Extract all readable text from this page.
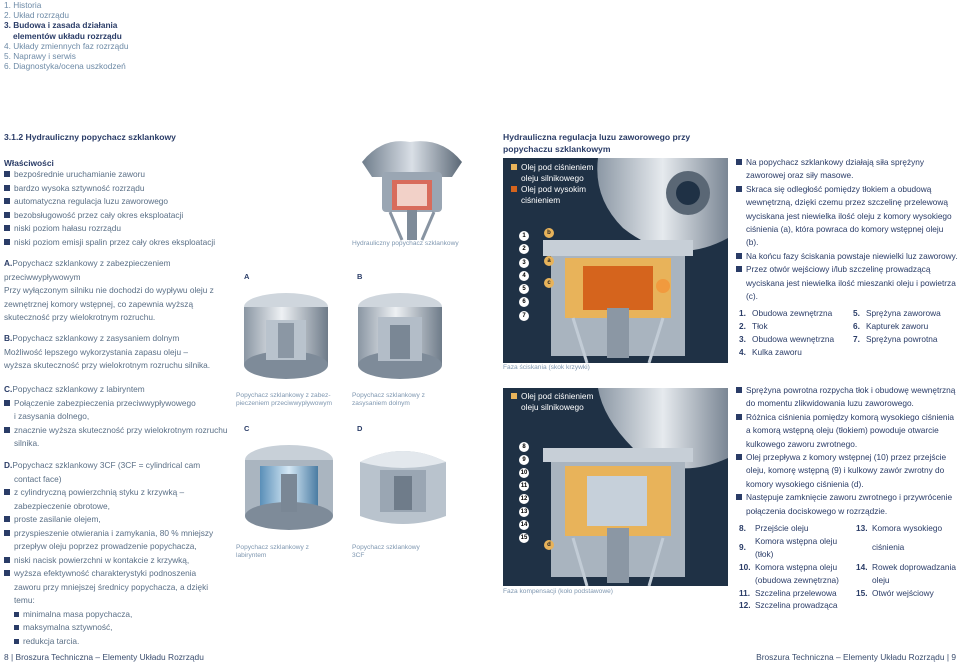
1. Historia
2. Układ rozrządu
3. Budowa i zasada działania
elementów układu rozrządu
4. Układy zmiennych faz rozrządu
5. Naprawy i serwis
6. Diagnostyka/ocena uszkodzeń
3.1.2 Hydrauliczny popychacz szklankowy
Właściwości
bezpośrednie uruchamianie zaworu
bardzo wysoka sztywność rozrządu
automatyczna regulacja luzu zaworowego
bezobsługowość przez cały okres eksploatacji
niski poziom hałasu rozrządu
niski poziom emisji spalin przez cały okres eksploatacji
A.Popychacz szklankowy z zabezpieczeniem
przeciwwypływowym
Przy wyłączonym silniku nie dochodzi do wypływu oleju z
zewnętrznej komory wstępnej, co zapewnia wyższą
skuteczność przy wielokrotnym rozruchu.
B.Popychacz szklankowy z zasysaniem dolnym
Możliwość lepszego wykorzystania zapasu oleju –
wyższa skuteczność przy wielokrotnym rozruchu silnika.
C.Popychacz szklankowy z labiryntem
Połączenie zabezpieczenia przeciwwypływowego
i zasysania dolnego,
znacznie wyższa skuteczność przy wielokrotnym rozruchu
silnika.
D.Popychacz szklankowy 3CF (3CF = cylindrical cam
contact face)
z cylindryczną powierzchnią styku z krzywką –
zabezpieczenie obrotowe,
proste zasilanie olejem,
przyspieszenie otwierania i zamykania, 80 % mniejszy
przepływ oleju poprzez prowadzenie popychacza,
niski nacisk powierzchni w kontakcie z krzywką,
wyższa efektywność charakterystyki podnoszenia
zaworu przy mniejszej średnicy popychacza, a dzięki
temu:
minimalna masa popychacza,
maksymalna sztywność,
redukcja tarcia.
Hydrauliczny popychacz szklankowy
A	B
Popychacz szklankowy z zabez-
pieczeniem przeciwwypływowym
Popychacz szklankowy z
zasysaniem dolnym
C	D
Popychacz szklankowy z
labiryntem
Popychacz szklankowy
3CF
Hydrauliczna regulacja luzu zaworowego przy
popychaczu szklankowym
Olej pod ciśnieniem
oleju silnikowego
Olej pod wysokim
ciśnieniem
1
2
3
4
5
6
7
b
a
c
Faza ściskania (skok krzywki)
Na popychacz szklankowy działają siła sprężyny zaworowej oraz siły masowe.
Skraca się odległość pomiędzy tłokiem a obudową wewnętrzną, dzięki czemu przez szczelinę przelewową wyciskana jest niewielka ilość oleju z komory wysokiego ciśnienia (a), która powraca do komory wstępnej oleju (b).
Na końcu fazy ściskania powstaje niewielki luz zaworowy.
Przez otwór wejściowy i/lub szczelinę prowadzącą wyciskana jest niewielka ilość mieszanki oleju i powietrza (c).
1.	Obudowa zewnętrzna	5.	Sprężyna zaworowa
2.	Tłok	6.	Kapturek zaworu
3.	Obudowa wewnętrzna	7.	Sprężyna powrotna
4.	Kulka zaworu		
Olej pod ciśnieniem
oleju silnikowego
8
9
10
11
12
13
14
15
d
Faza kompensacji (koło podstawowe)
Sprężyna powrotna rozpycha tłok i obudowę wewnętrzną do momentu zlikwidowania luzu zaworowego.
Różnica ciśnienia pomiędzy komorą wysokiego ciśnienia a komorą wstępną oleju (tłokiem) powoduje otwarcie kulkowego zaworu zwrotnego.
Olej przepływa z komory wstępnej (10) przez przejście oleju, komorę wstępną (9) i kulkowy zawór zwrotny do komory wysokiego ciśnienia (d).
Następuje zamknięcie zaworu zwrotnego i przywrócenie połączenia dociskowego w rozrządzie.
8.	Przejście oleju	13.	Komora wysokiego
9.	Komora wstępna oleju (tłok)		ciśnienia
10.	Komora wstępna oleju	14.	Rowek doprowadzania
	(obudowa zewnętrzna)		oleju
11.	Szczelina przelewowa	15.	Otwór wejściowy
12.	Szczelina prowadząca		
8 | Broszura Techniczna – Elementy Układu Rozrządu	Broszura Techniczna – Elementy Układu Rozrządu | 9
